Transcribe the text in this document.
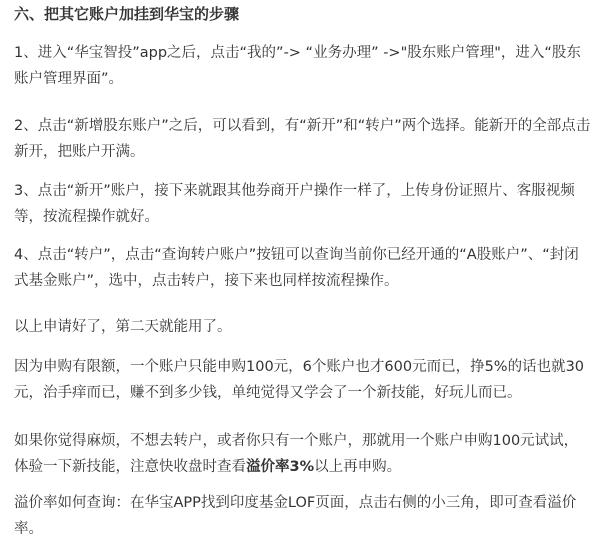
六、把其它账户加挂到华宝的步骤

1、进入“华宝智投”app之后，点击“我的”-> “业务办理” ->"股东账户管理"，进入“股东账户管理界面”。

2、点击“新增股东账户”之后，可以看到，有“新开”和“转户”两个选择。能新开的全部点击新开，把账户开满。

3、点击“新开”账户，接下来就跟其他券商开户操作一样了，上传身份证照片、客服视频等，按流程操作就好。

4、点击“转户”，点击“查询转户账户”按钮可以查询当前你已经开通的“A股账户”、“封闭式基金账户”，选中，点击转户，接下来也同样按流程操作。

以上申请好了，第二天就能用了。

因为申购有限额，一个账户只能申购100元，6个账户也才600元而已，挣5%的话也就30元，治手痒而已，赚不到多少钱，单纯觉得又学会了一个新技能，好玩儿而已。

如果你觉得麻烦，不想去转户，或者你只有一个账户，那就用一个账户申购100元试试，体验一下新技能，注意快收盘时查看溢价率3%以上再申购。

溢价率如何查询：在华宝APP找到印度基金LOF页面，点击右侧的小三角，即可查看溢价率。
